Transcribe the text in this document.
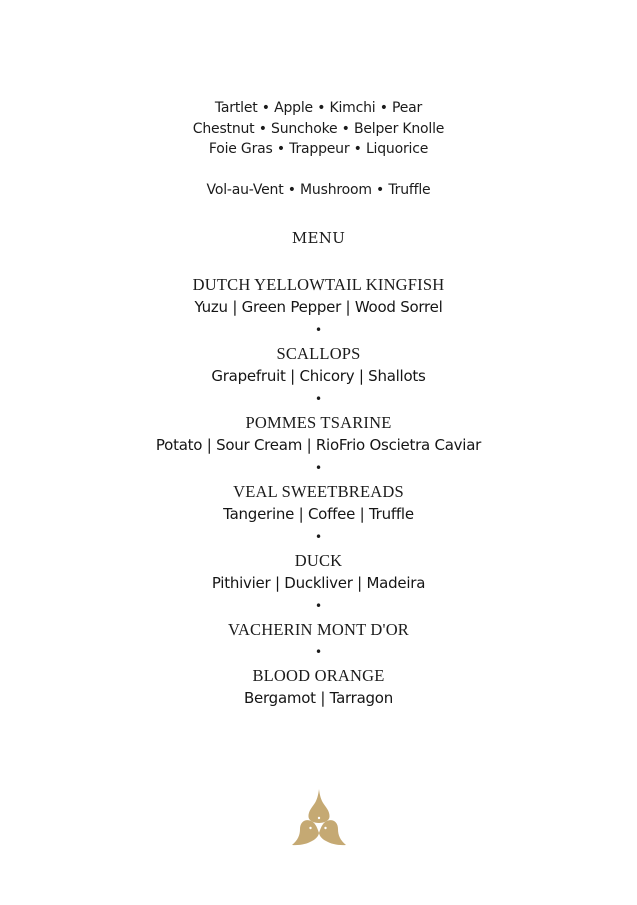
Tartlet • Apple • Kimchi • Pear
Chestnut • Sunchoke • Belper Knolle
Foie Gras • Trappeur • Liquorice
Vol-au-Vent • Mushroom • Truffle
MENU
DUTCH YELLOWTAIL KINGFISH
Yuzu | Green Pepper | Wood Sorrel
•
SCALLOPS
Grapefruit | Chicory | Shallots
•
POMMES TSARINE
Potato | Sour Cream | RioFrio Oscietra Caviar
•
VEAL SWEETBREADS
Tangerine | Coffee | Truffle
•
DUCK
Pithivier | Duckliver | Madeira
•
VACHERIN MONT D'OR
•
BLOOD ORANGE
Bergamot | Tarragon
